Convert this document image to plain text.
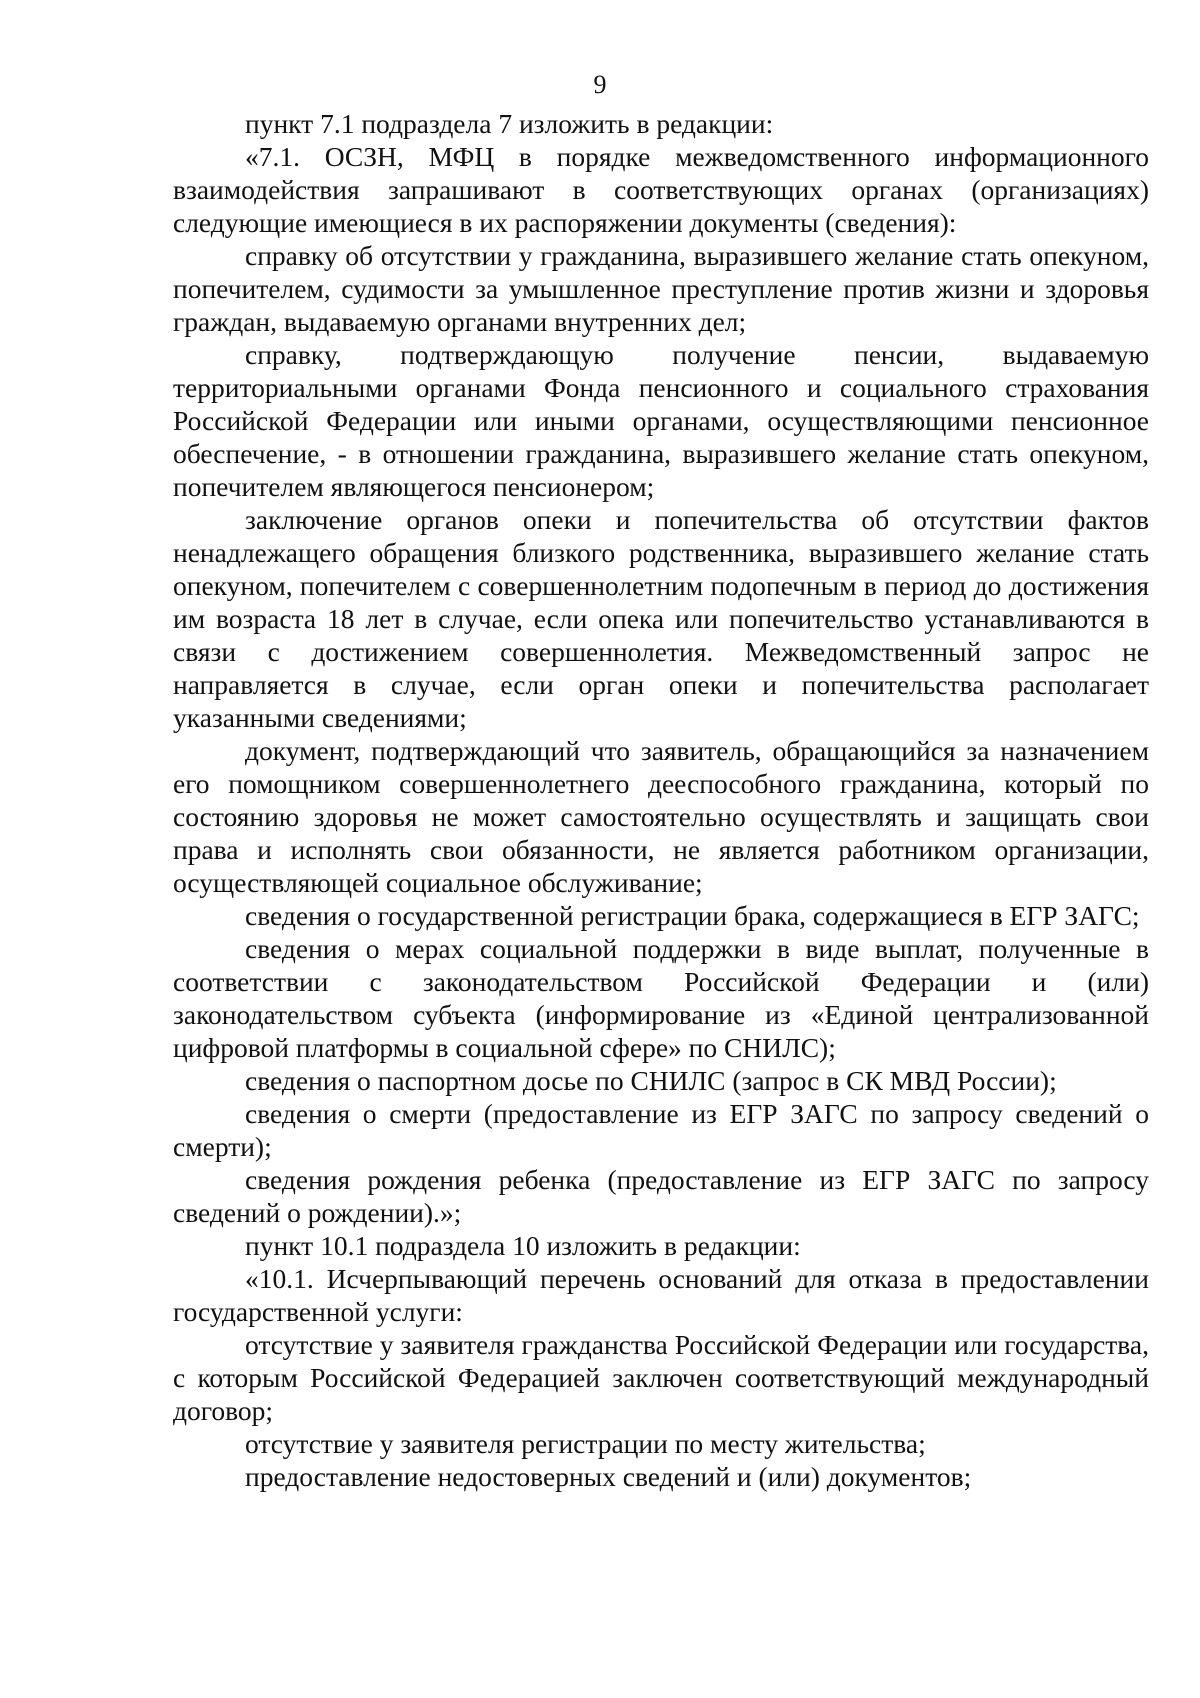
9

пункт 7.1 подраздела 7 изложить в редакции:

«7.1. ОСЗН, МФЦ в порядке межведомственного информационного взаимодействия запрашивают в соответствующих органах (организациях) следующие имеющиеся в их распоряжении документы (сведения):

справку об отсутствии у гражданина, выразившего желание стать опекуном, попечителем, судимости за умышленное преступление против жизни и здоровья граждан, выдаваемую органами внутренних дел;

справку, подтверждающую получение пенсии, выдаваемую территориальными органами Фонда пенсионного и социального страхования Российской Федерации или иными органами, осуществляющими пенсионное обеспечение, - в отношении гражданина, выразившего желание стать опекуном, попечителем являющегося пенсионером;

заключение органов опеки и попечительства об отсутствии фактов ненадлежащего обращения близкого родственника, выразившего желание стать опекуном, попечителем с совершеннолетним подопечным в период до достижения им возраста 18 лет в случае, если опека или попечительство устанавливаются в связи с достижением совершеннолетия. Межведомственный запрос не направляется в случае, если орган опеки и попечительства располагает указанными сведениями;

документ, подтверждающий что заявитель, обращающийся за назначением его помощником совершеннолетнего дееспособного гражданина, который по состоянию здоровья не может самостоятельно осуществлять и защищать свои права и исполнять свои обязанности, не является работником организации, осуществляющей социальное обслуживание;

сведения о государственной регистрации брака, содержащиеся в ЕГР ЗАГС;

сведения о мерах социальной поддержки в виде выплат, полученные в соответствии с законодательством Российской Федерации и (или) законодательством субъекта (информирование из «Единой централизованной цифровой платформы в социальной сфере» по СНИЛС);

сведения о паспортном досье по СНИЛС (запрос в СК МВД России);

сведения о смерти (предоставление из ЕГР ЗАГС по запросу сведений о смерти);

сведения рождения ребенка (предоставление из ЕГР ЗАГС по запросу сведений о рождении).»;

пункт 10.1 подраздела 10 изложить в редакции:

«10.1. Исчерпывающий перечень оснований для отказа в предоставлении государственной услуги:

отсутствие у заявителя гражданства Российской Федерации или государства, с которым Российской Федерацией заключен соответствующий международный договор;

отсутствие у заявителя регистрации по месту жительства;

предоставление недостоверных сведений и (или) документов;
